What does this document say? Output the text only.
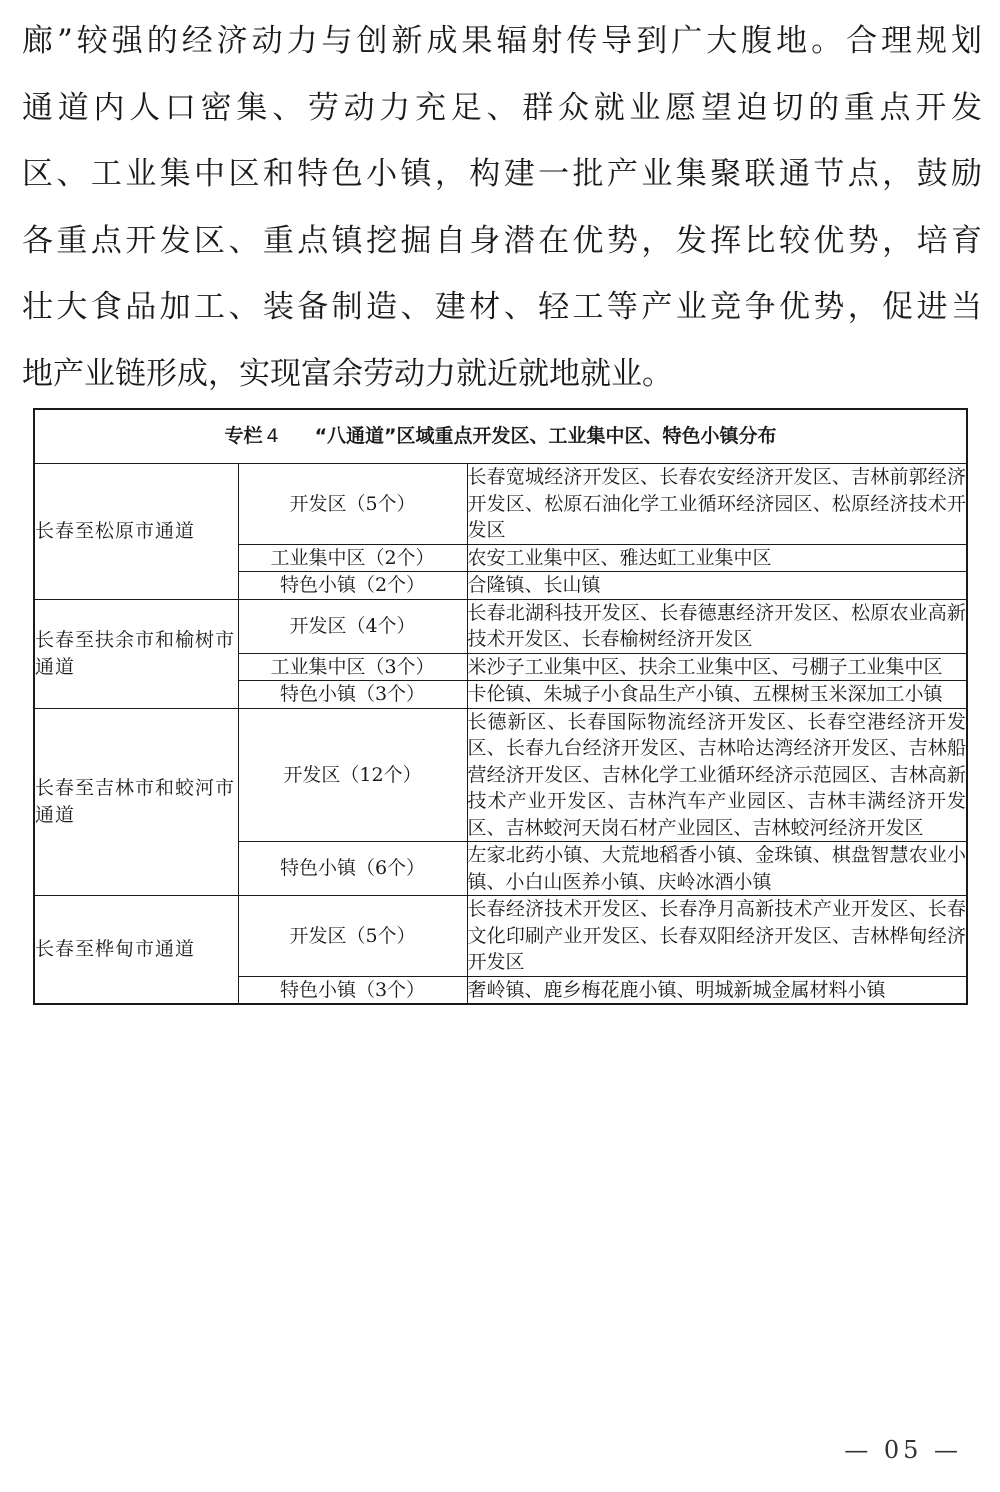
廊”较强的经济动力与创新成果辐射传导到广大腹地。合理规划
通道内人口密集、劳动力充足、群众就业愿望迫切的重点开发
区、工业集中区和特色小镇，构建一批产业集聚联通节点，鼓励
各重点开发区、重点镇挖掘自身潜在优势，发挥比较优势，培育
壮大食品加工、装备制造、建材、轻工等产业竞争优势，促进当
地产业链形成，实现富余劳动力就近就地就业。
专栏 4 “八通道”区域重点开发区、工业集中区、特色小镇分布		
长春至松原市通道	开发区（5个）	长春宽城经济开发区、长春农安经济开发区、吉林前郭经济开发区、松原石油化学工业循环经济园区、松原经济技术开发区
	工业集中区（2个）	农安工业集中区、雅达虹工业集中区
	特色小镇（2个）	合隆镇、长山镇
长春至扶余市和榆树市通道	开发区（4个）	长春北湖科技开发区、长春德惠经济开发区、松原农业高新技术开发区、长春榆树经济开发区
	工业集中区（3个）	米沙子工业集中区、扶余工业集中区、弓棚子工业集中区
	特色小镇（3个）	卡伦镇、朱城子小食品生产小镇、五棵树玉米深加工小镇
长春至吉林市和蛟河市通道	开发区（12个）	长德新区、长春国际物流经济开发区、长春空港经济开发区、长春九台经济开发区、吉林哈达湾经济开发区、吉林船营经济开发区、吉林化学工业循环经济示范园区、吉林高新技术产业开发区、吉林汽车产业园区、吉林丰满经济开发区、吉林蛟河天岗石材产业园区、吉林蛟河经济开发区
	特色小镇（6个）	左家北药小镇、大荒地稻香小镇、金珠镇、棋盘智慧农业小镇、小白山医养小镇、庆岭冰酒小镇
长春至桦甸市通道	开发区（5个）	长春经济技术开发区、长春净月高新技术产业开发区、长春文化印刷产业开发区、长春双阳经济开发区、吉林桦甸经济开发区
	特色小镇（3个）	奢岭镇、鹿乡梅花鹿小镇、明城新城金属材料小镇
— 05 —
